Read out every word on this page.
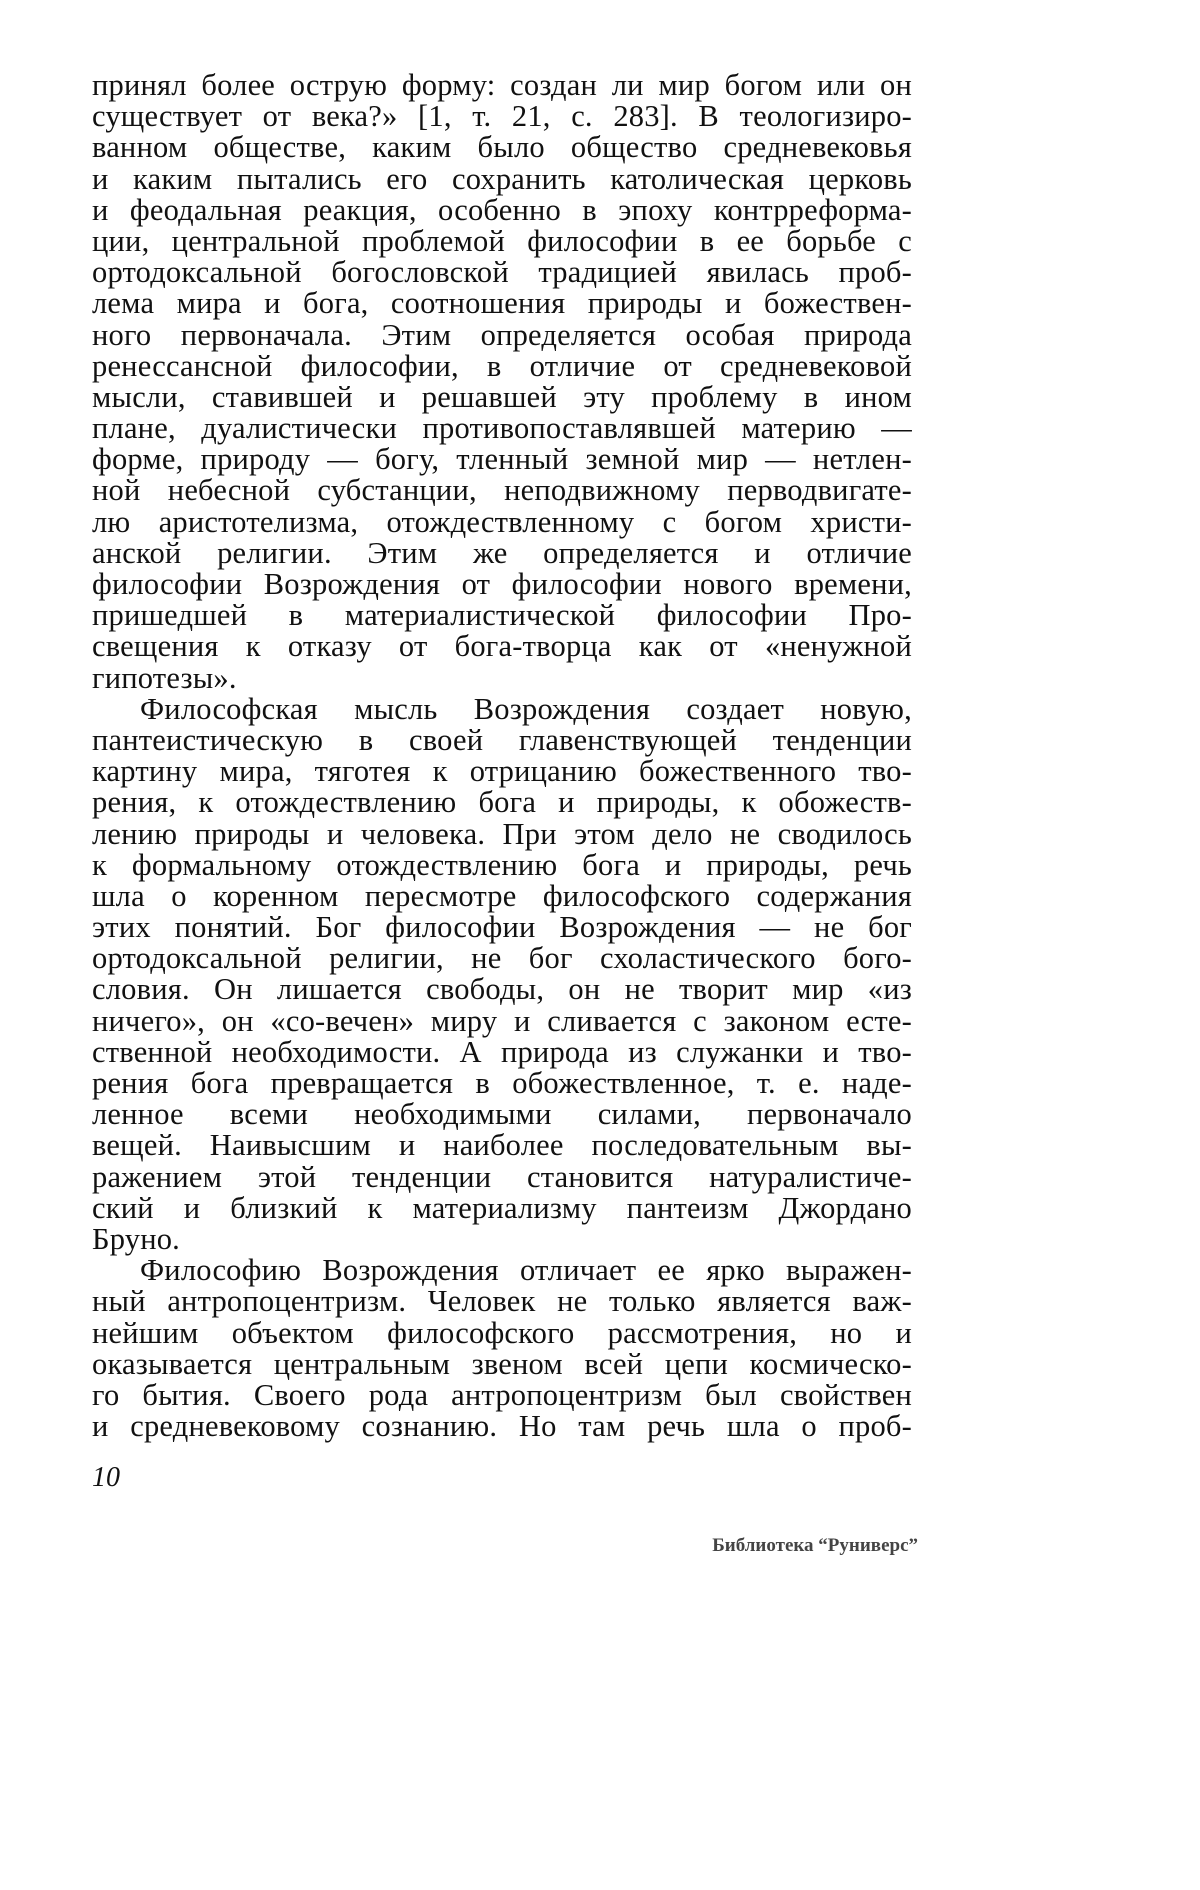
принял более острую форму: создан ли мир богом или он
существует от века?» [1, т. 21, с. 283]. В теологизиро-
ванном обществе, каким было общество средневековья
и каким пытались его сохранить католическая церковь
и феодальная реакция, особенно в эпоху контрреформа-
ции, центральной проблемой философии в ее борьбе с
ортодоксальной богословской традицией явилась проб-
лема мира и бога, соотношения природы и божествен-
ного первоначала. Этим определяется особая природа
ренессансной философии, в отличие от средневековой
мысли, ставившей и решавшей эту проблему в ином
плане, дуалистически противопоставлявшей материю —
форме, природу — богу, тленный земной мир — нетлен-
ной небесной субстанции, неподвижному перводвигате-
лю аристотелизма, отождествленному с богом христи-
анской религии. Этим же определяется и отличие
философии Возрождения от философии нового времени,
пришедшей в материалистической философии Про-
свещения к отказу от бога-творца как от «ненужной
гипотезы».
Философская мысль Возрождения создает новую,
пантеистическую в своей главенствующей тенденции
картину мира, тяготея к отрицанию божественного тво-
рения, к отождествлению бога и природы, к обожеств-
лению природы и человека. При этом дело не сводилось
к формальному отождествлению бога и природы, речь
шла о коренном пересмотре философского содержания
этих понятий. Бог философии Возрождения — не бог
ортодоксальной религии, не бог схоластического бого-
словия. Он лишается свободы, он не творит мир «из
ничего», он «со-вечен» миру и сливается с законом есте-
ственной необходимости. А природа из служанки и тво-
рения бога превращается в обожествленное, т. е. наде-
ленное всеми необходимыми силами, первоначало
вещей. Наивысшим и наиболее последовательным вы-
ражением этой тенденции становится натуралистиче-
ский и близкий к материализму пантеизм Джордано
Бруно.
Философию Возрождения отличает ее ярко выражен-
ный антропоцентризм. Человек не только является важ-
нейшим объектом философского рассмотрения, но и
оказывается центральным звеном всей цепи космическо-
го бытия. Своего рода антропоцентризм был свойствен
и средневековому сознанию. Но там речь шла о проб-
10
Библиотека “Руниверс”
